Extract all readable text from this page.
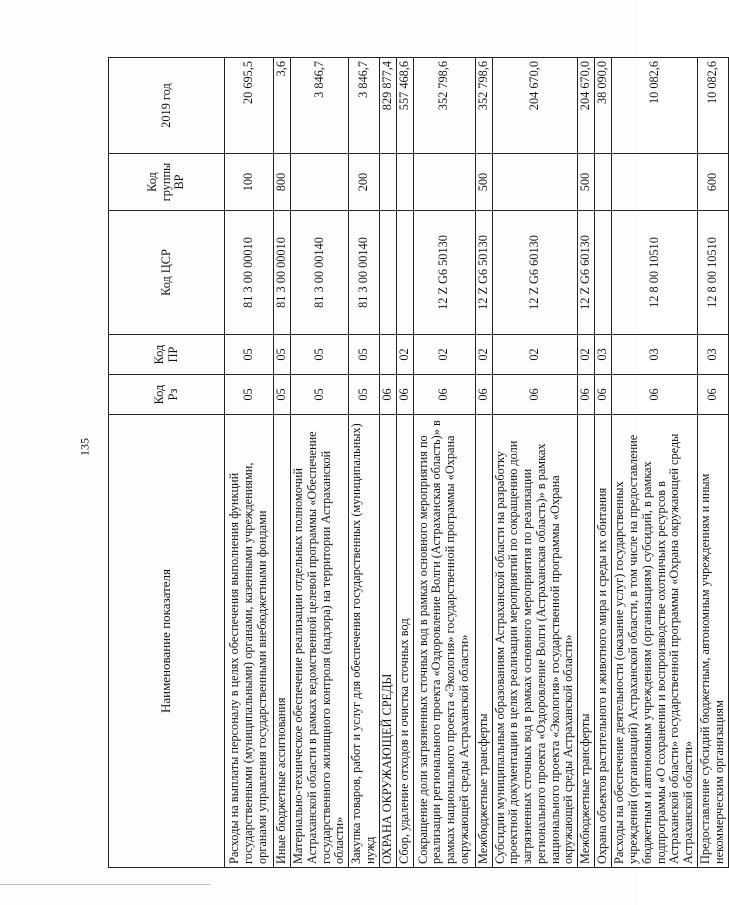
135
Наименование показателя	Код Рз	Код ПР	Код ЦСР	Код группы ВР	2019 год
Расходы на выплаты персоналу в целях обеспечения выполнения функций государственными (муниципальными) органами, казенными учреждениями, органами управления государственными внебюджетными фондами	05	05	81 3 00 00010	100	20 695,5
Иные бюджетные ассигнования	05	05	81 3 00 00010	800	3,6
Материально-техническое обеспечение реализации отдельных полномочий Астраханской области в рамках ведомственной целевой программы «Обеспечение государственного жилищного контроля (надзора) на территории Астраханской области»	05	05	81 3 00 00140		3 846,7
Закупка товаров, работ и услуг для обеспечения государственных (муниципальных) нужд	05	05	81 3 00 00140	200	3 846,7
ОХРАНА ОКРУЖАЮЩЕЙ СРЕДЫ	06				829 877,4
Сбор, удаление отходов и очистка сточных вод	06	02			557 468,6
Сокращение доли загрязненных сточных вод в рамках основного мероприятия по реализации регионального проекта «Оздоровление Волги (Астраханская область)» в рамках национального проекта «Экология» государственной программы «Охрана окружающей среды Астраханской области»	06	02	12 Z G6 50130		352 798,6
Межбюджетные трансферты	06	02	12 Z G6 50130	500	352 798,6
Субсидии муниципальным образованиям Астраханской области на разработку проектной документации в целях реализации мероприятий по сокращению доли загрязненных сточных вод в рамках основного мероприятия по реализации регионального проекта «Оздоровление Волги (Астраханская область)» в рамках национального проекта «Экология» государственной программы «Охрана окружающей среды Астраханской области»	06	02	12 Z G6 60130		204 670,0
Межбюджетные трансферты	06	02	12 Z G6 60130	500	204 670,0
Охрана объектов растительного и животного мира и среды их обитания	06	03			38 090,0
Расходы на обеспечение деятельности (оказание услуг) государственных учреждений (организаций) Астраханской области, в том числе на предоставление бюджетным и автономным учреждениям (организациям) субсидий, в рамках подпрограммы «О сохранении и воспроизводстве охотничьих ресурсов в Астраханской области» государственной программы «Охрана окружающей среды Астраханской области»	06	03	12 8 00 10510		10 082,6
Предоставление субсидий бюджетным, автономным учреждениям и иным некоммерческим организациям	06	03	12 8 00 10510	600	10 082,6
